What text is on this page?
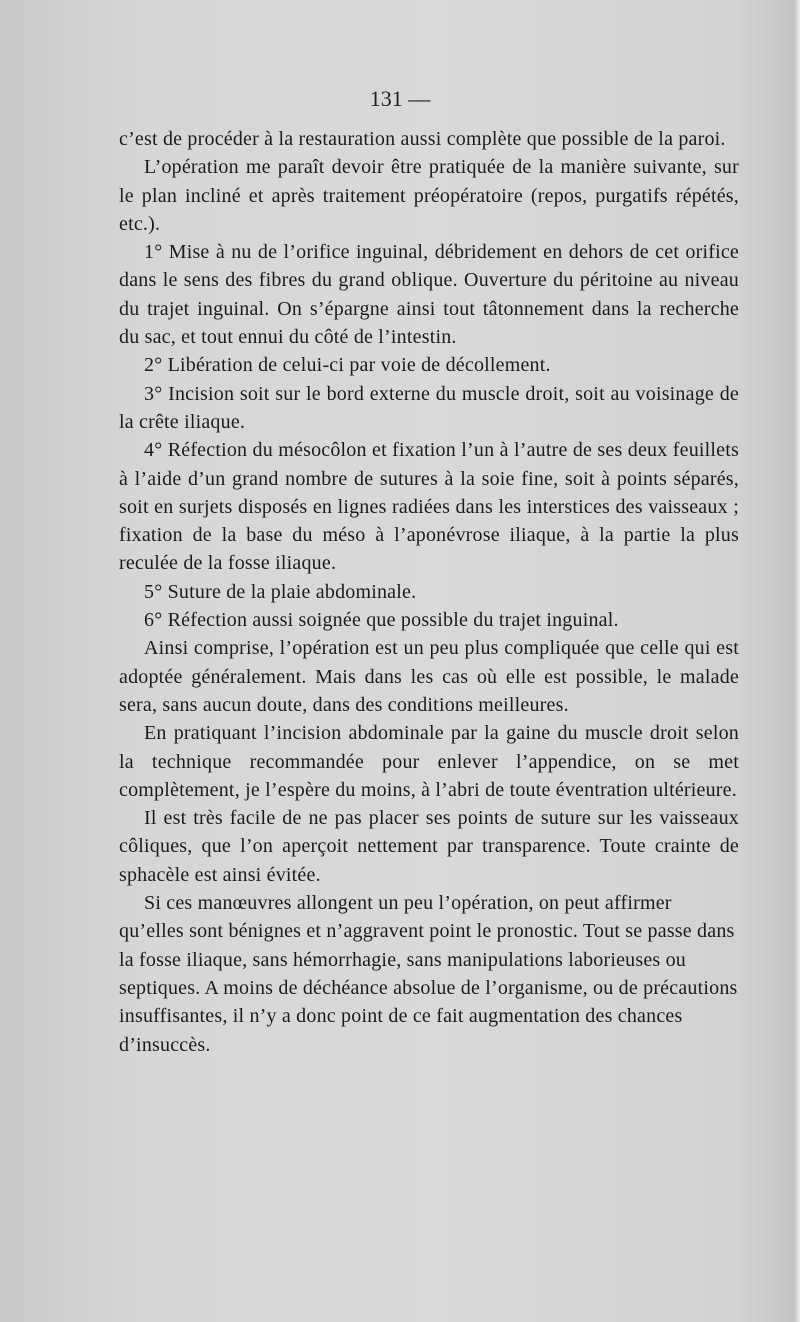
131 —

c’est de procéder à la restauration aussi complète que possible de la paroi.

L’opération me paraît devoir être pratiquée de la manière suivante, sur le plan incliné et après traitement préopératoire (repos, purgatifs répétés, etc.).

1° Mise à nu de l’orifice inguinal, débridement en dehors de cet orifice dans le sens des fibres du grand oblique. Ouverture du péritoine au niveau du trajet inguinal. On s’épargne ainsi tout tâtonnement dans la recherche du sac, et tout ennui du côté de l’intestin.

2° Libération de celui-ci par voie de décollement.

3° Incision soit sur le bord externe du muscle droit, soit au voisinage de la crête iliaque.

4° Réfection du mésocôlon et fixation l’un à l’autre de ses deux feuillets à l’aide d’un grand nombre de sutures à la soie fine, soit à points séparés, soit en surjets disposés en lignes radiées dans les interstices des vaisseaux ; fixation de la base du méso à l’aponévrose iliaque, à la partie la plus reculée de la fosse iliaque.

5° Suture de la plaie abdominale.

6° Réfection aussi soignée que possible du trajet inguinal.

Ainsi comprise, l’opération est un peu plus compliquée que celle qui est adoptée généralement. Mais dans les cas où elle est possible, le malade sera, sans aucun doute, dans des conditions meilleures.

En pratiquant l’incision abdominale par la gaine du muscle droit selon la technique recommandée pour enlever l’appendice, on se met complètement, je l’espère du moins, à l’abri de toute éventration ultérieure.

Il est très facile de ne pas placer ses points de suture sur les vaisseaux côliques, que l’on aperçoit nettement par transparence. Toute crainte de sphacèle est ainsi évitée.

Si ces manœuvres allongent un peu l’opération, on peut affirmer qu’elles sont bénignes et n’aggravent point le pronostic. Tout se passe dans la fosse iliaque, sans hémorrhagie, sans manipulations laborieuses ou septiques. A moins de déchéance absolue de l’organisme, ou de précautions insuffisantes, il n’y a donc point de ce fait augmentation des chances d’insuccès.
